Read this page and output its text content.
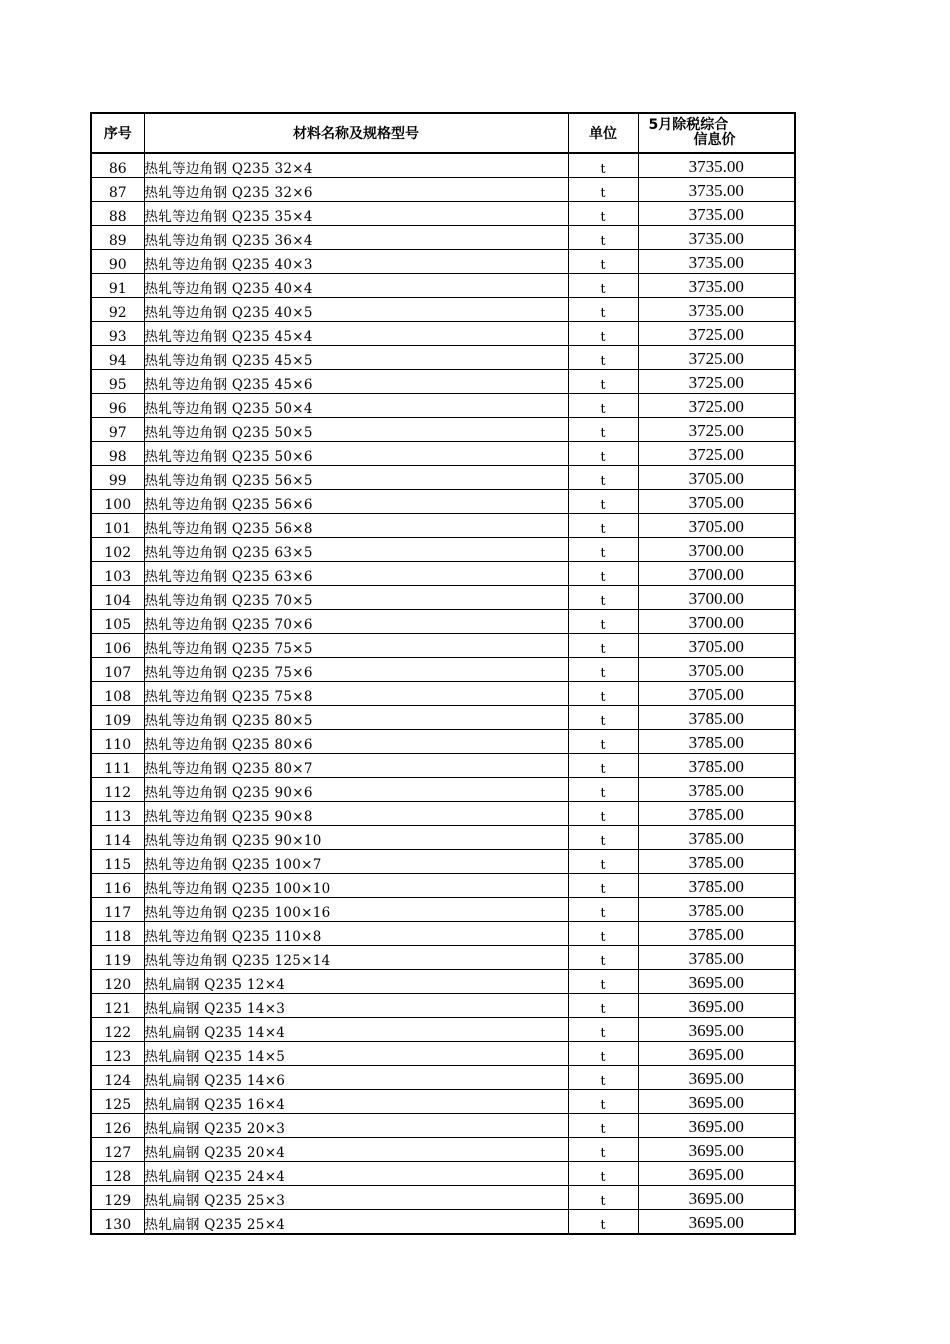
序号	材料名称及规格型号	单位	5月除税综合
信息价

86	热轧等边角钢 Q235 32×4	t	3735.00
87	热轧等边角钢 Q235 32×6	t	3735.00
88	热轧等边角钢 Q235 35×4	t	3735.00
89	热轧等边角钢 Q235 36×4	t	3735.00
90	热轧等边角钢 Q235 40×3	t	3735.00
91	热轧等边角钢 Q235 40×4	t	3735.00
92	热轧等边角钢 Q235 40×5	t	3735.00
93	热轧等边角钢 Q235 45×4	t	3725.00
94	热轧等边角钢 Q235 45×5	t	3725.00
95	热轧等边角钢 Q235 45×6	t	3725.00
96	热轧等边角钢 Q235 50×4	t	3725.00
97	热轧等边角钢 Q235 50×5	t	3725.00
98	热轧等边角钢 Q235 50×6	t	3725.00
99	热轧等边角钢 Q235 56×5	t	3705.00
100	热轧等边角钢 Q235 56×6	t	3705.00
101	热轧等边角钢 Q235 56×8	t	3705.00
102	热轧等边角钢 Q235 63×5	t	3700.00
103	热轧等边角钢 Q235 63×6	t	3700.00
104	热轧等边角钢 Q235 70×5	t	3700.00
105	热轧等边角钢 Q235 70×6	t	3700.00
106	热轧等边角钢 Q235 75×5	t	3705.00
107	热轧等边角钢 Q235 75×6	t	3705.00
108	热轧等边角钢 Q235 75×8	t	3705.00
109	热轧等边角钢 Q235 80×5	t	3785.00
110	热轧等边角钢 Q235 80×6	t	3785.00
111	热轧等边角钢 Q235 80×7	t	3785.00
112	热轧等边角钢 Q235 90×6	t	3785.00
113	热轧等边角钢 Q235 90×8	t	3785.00
114	热轧等边角钢 Q235 90×10	t	3785.00
115	热轧等边角钢 Q235 100×7	t	3785.00
116	热轧等边角钢 Q235 100×10	t	3785.00
117	热轧等边角钢 Q235 100×16	t	3785.00
118	热轧等边角钢 Q235 110×8	t	3785.00
119	热轧等边角钢 Q235 125×14	t	3785.00
120	热轧扁钢 Q235 12×4	t	3695.00
121	热轧扁钢 Q235 14×3	t	3695.00
122	热轧扁钢 Q235 14×4	t	3695.00
123	热轧扁钢 Q235 14×5	t	3695.00
124	热轧扁钢 Q235 14×6	t	3695.00
125	热轧扁钢 Q235 16×4	t	3695.00
126	热轧扁钢 Q235 20×3	t	3695.00
127	热轧扁钢 Q235 20×4	t	3695.00
128	热轧扁钢 Q235 24×4	t	3695.00
129	热轧扁钢 Q235 25×3	t	3695.00
130	热轧扁钢 Q235 25×4	t	3695.00
